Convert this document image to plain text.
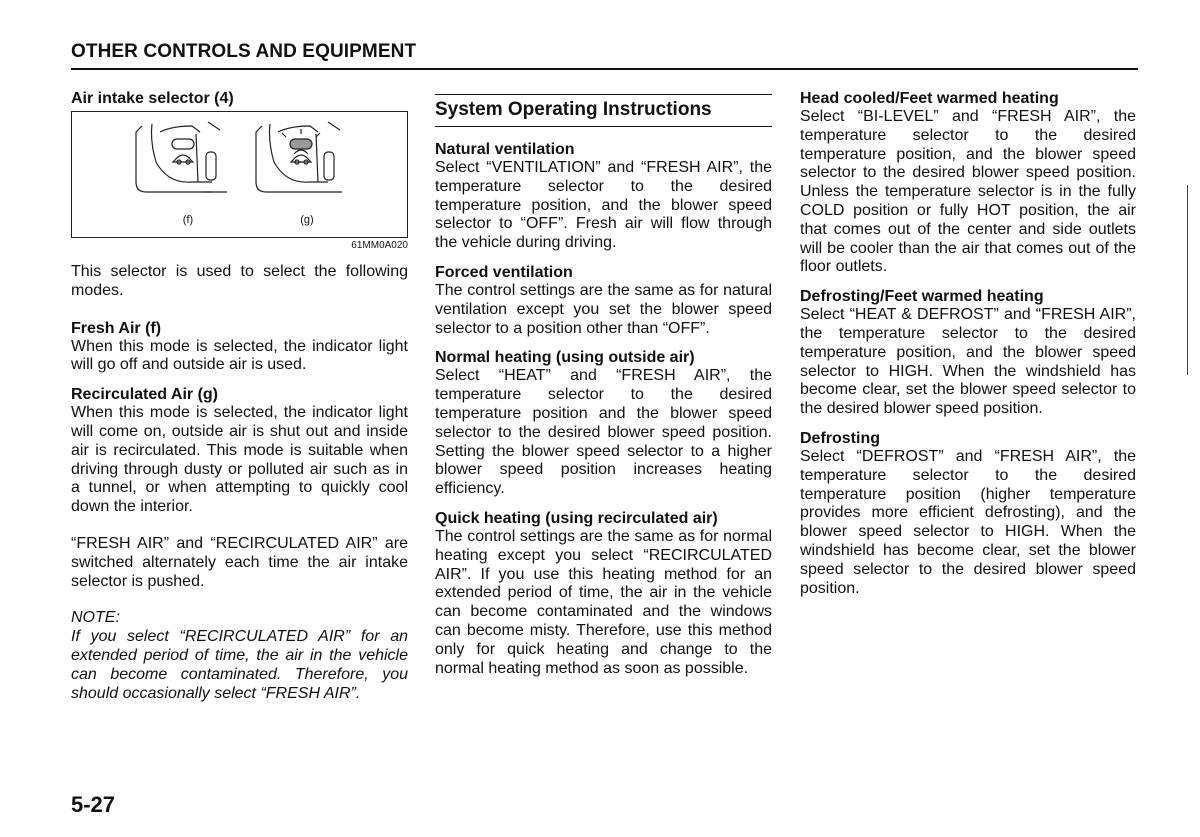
OTHER CONTROLS AND EQUIPMENT
Air intake selector (4)
(f)	(g)
61MM0A020

This selector is used to select the following modes.

Fresh Air (f)

When this mode is selected, the indicator light will go off and outside air is used.

Recirculated Air (g)

When this mode is selected, the indicator light will come on, outside air is shut out and inside air is recirculated. This mode is suitable when driving through dusty or polluted air such as in a tunnel, or when attempting to quickly cool down the interior.

“FRESH AIR” and “RECIRCULATED AIR” are switched alternately each time the air intake selector is pushed.

NOTE:

If you select “RECIRCULATED AIR” for an extended period of time, the air in the vehicle can become contaminated. Therefore, you should occasionally select “FRESH AIR”.

System Operating Instructions
Natural ventilation

Select “VENTILATION” and “FRESH AIR”, the temperature selector to the desired temperature position, and the blower speed selector to “OFF”. Fresh air will flow through the vehicle during driving.

Forced ventilation

The control settings are the same as for natural ventilation except you set the blower speed selector to a position other than “OFF”.

Normal heating (using outside air)

Select “HEAT” and “FRESH AIR”, the temperature selector to the desired temperature position and the blower speed selector to the desired blower speed position. Setting the blower speed selector to a higher blower speed position increases heating efficiency.

Quick heating (using recirculated air)

The control settings are the same as for normal heating except you select “RECIRCULATED AIR”. If you use this heating method for an extended period of time, the air in the vehicle can become contaminated and the windows can become misty. Therefore, use this method only for quick heating and change to the normal heating method as soon as possible.

Head cooled/Feet warmed heating

Select “BI-LEVEL” and “FRESH AIR”, the temperature selector to the desired temperature position, and the blower speed selector to the desired blower speed position. Unless the temperature selector is in the fully COLD position or fully HOT position, the air that comes out of the center and side outlets will be cooler than the air that comes out of the floor outlets.

Defrosting/Feet warmed heating

Select “HEAT & DEFROST” and “FRESH AIR”, the temperature selector to the desired temperature position, and the blower speed selector to HIGH. When the windshield has become clear, set the blower speed selector to the desired blower speed position.

Defrosting

Select “DEFROST” and “FRESH AIR”, the temperature selector to the desired temperature position (higher temperature provides more efficient defrosting), and the blower speed selector to HIGH. When the windshield has become clear, set the blower speed selector to the desired blower speed position.

5-27
